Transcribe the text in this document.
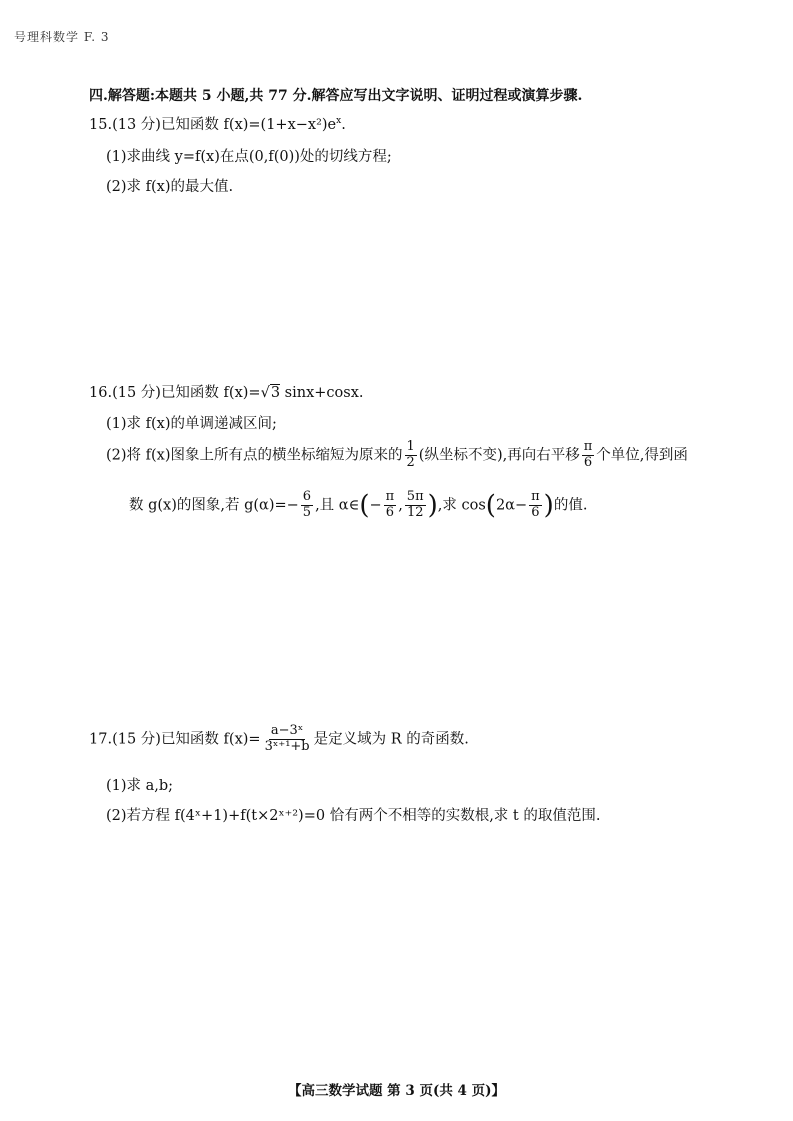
号理科数学 F. 3
四.解答题:本题共 5 小题,共 77 分.解答应写出文字说明、证明过程或演算步骤.
15.(13 分)已知函数 $f(x)=(1+x-x^2)e^x$.
(1)求曲线 y=f(x)在点(0,f(0))处的切线方程;
(2)求 f(x)的最大值.
16.(15 分)已知函数 f(x)=√3 sinx+cosx.
(1)求 f(x)的单调递减区间;
(2)将 f(x)图象上所有点的横坐标缩短为原来的 $\frac{1}{2}$ (纵坐标不变),再向右平移 $\frac{\pi}{6}$ 个单位,得到函
数 g(x)的图象,若 $g(\alpha)=- \frac{6}{5}$ ,且 α∈(− $\frac{\pi}{6}$ , $\frac{5\pi}{12}$ ),求 $\cos(2\alpha- \frac{\pi}{6}$ )的值.
17.(15 分)已知函数 $f(x)= \frac{\text{a−3ˣ}}{\text{3ˣ⁺¹+b}}$ 是定义域为 R 的奇函数.
(1)求 a,b;
(2)若方程 f(4ˣ+1)+f(t×2ˣ⁺²)=0 恰有两个不相等的实数根,求 t 的取值范围.
【高三数学试题 第 3 页(共 4 页)】
